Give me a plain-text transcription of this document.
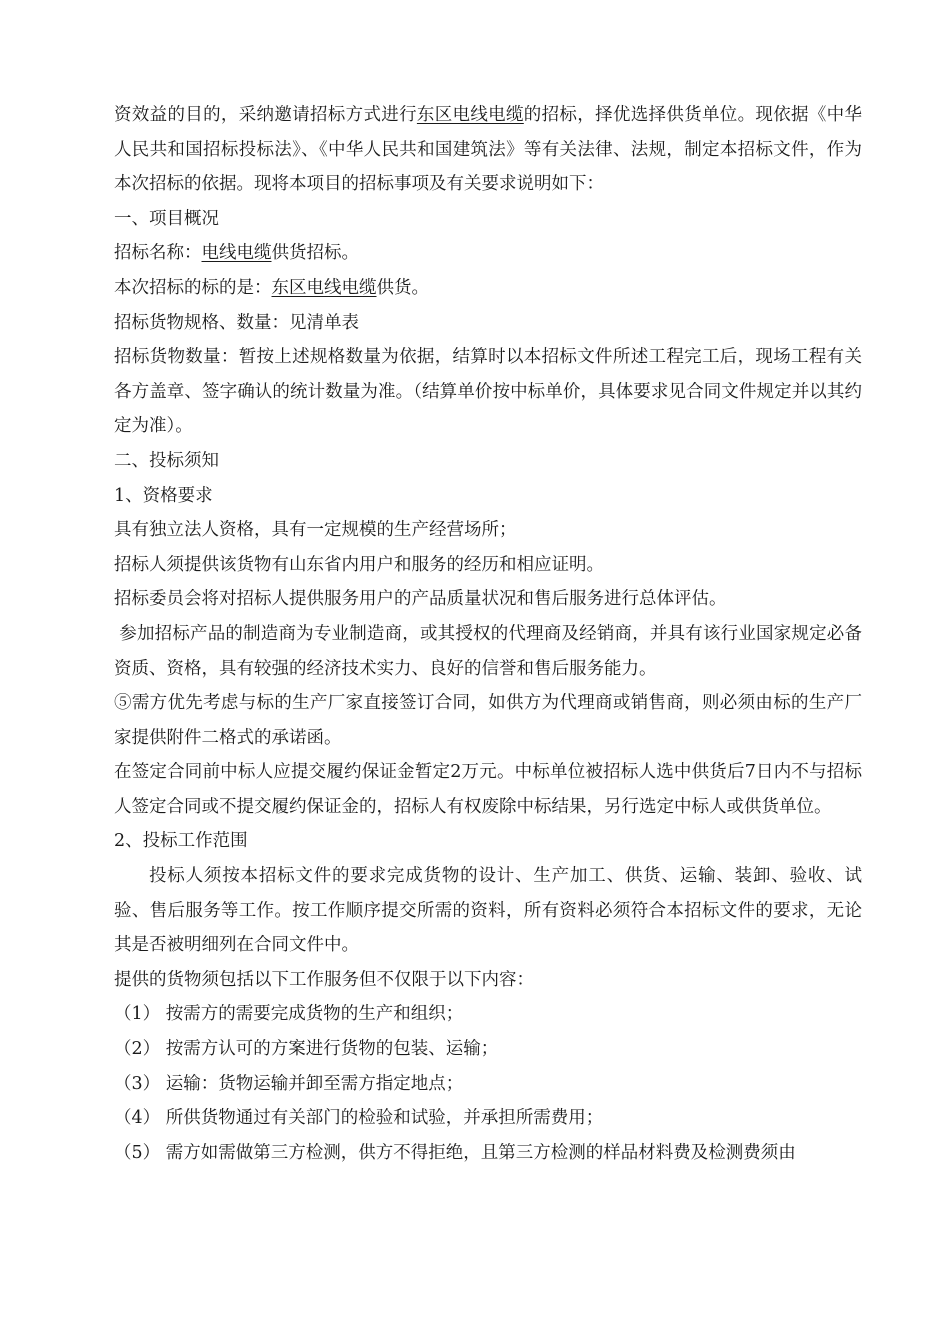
资效益的目的，采纳邀请招标方式进行东区电线电缆的招标，择优选择供货单位。现依据《中华人民共和国招标投标法》、《中华人民共和国建筑法》等有关法律、法规，制定本招标文件，作为本次招标的依据。现将本项目的招标事项及有关要求说明如下：

一、项目概况

招标名称：电线电缆供货招标。

本次招标的标的是：东区电线电缆供货。

招标货物规格、数量：见清单表

招标货物数量：暂按上述规格数量为依据，结算时以本招标文件所述工程完工后，现场工程有关各方盖章、签字确认的统计数量为准。（结算单价按中标单价，具体要求见合同文件规定并以其约定为准）。

二、投标须知

1、资格要求

具有独立法人资格，具有一定规模的生产经营场所；

招标人须提供该货物有山东省内用户和服务的经历和相应证明。

招标委员会将对招标人提供服务用户的产品质量状况和售后服务进行总体评估。

参加招标产品的制造商为专业制造商，或其授权的代理商及经销商，并具有该行业国家规定必备资质、资格，具有较强的经济技术实力、良好的信誉和售后服务能力。

⑤需方优先考虑与标的生产厂家直接签订合同，如供方为代理商或销售商，则必须由标的生产厂家提供附件二格式的承诺函。

在签定合同前中标人应提交履约保证金暂定2万元。中标单位被招标人选中供货后7日内不与招标人签定合同或不提交履约保证金的，招标人有权废除中标结果，另行选定中标人或供货单位。

2、投标工作范围

投标人须按本招标文件的要求完成货物的设计、生产加工、供货、运输、装卸、验收、试验、售后服务等工作。按工作顺序提交所需的资料，所有资料必须符合本招标文件的要求，无论其是否被明细列在合同文件中。

提供的货物须包括以下工作服务但不仅限于以下内容：

（1） 按需方的需要完成货物的生产和组织；

（2） 按需方认可的方案进行货物的包装、运输；

（3） 运输：货物运输并卸至需方指定地点；

（4） 所供货物通过有关部门的检验和试验，并承担所需费用；

（5） 需方如需做第三方检测，供方不得拒绝，且第三方检测的样品材料费及检测费须由
